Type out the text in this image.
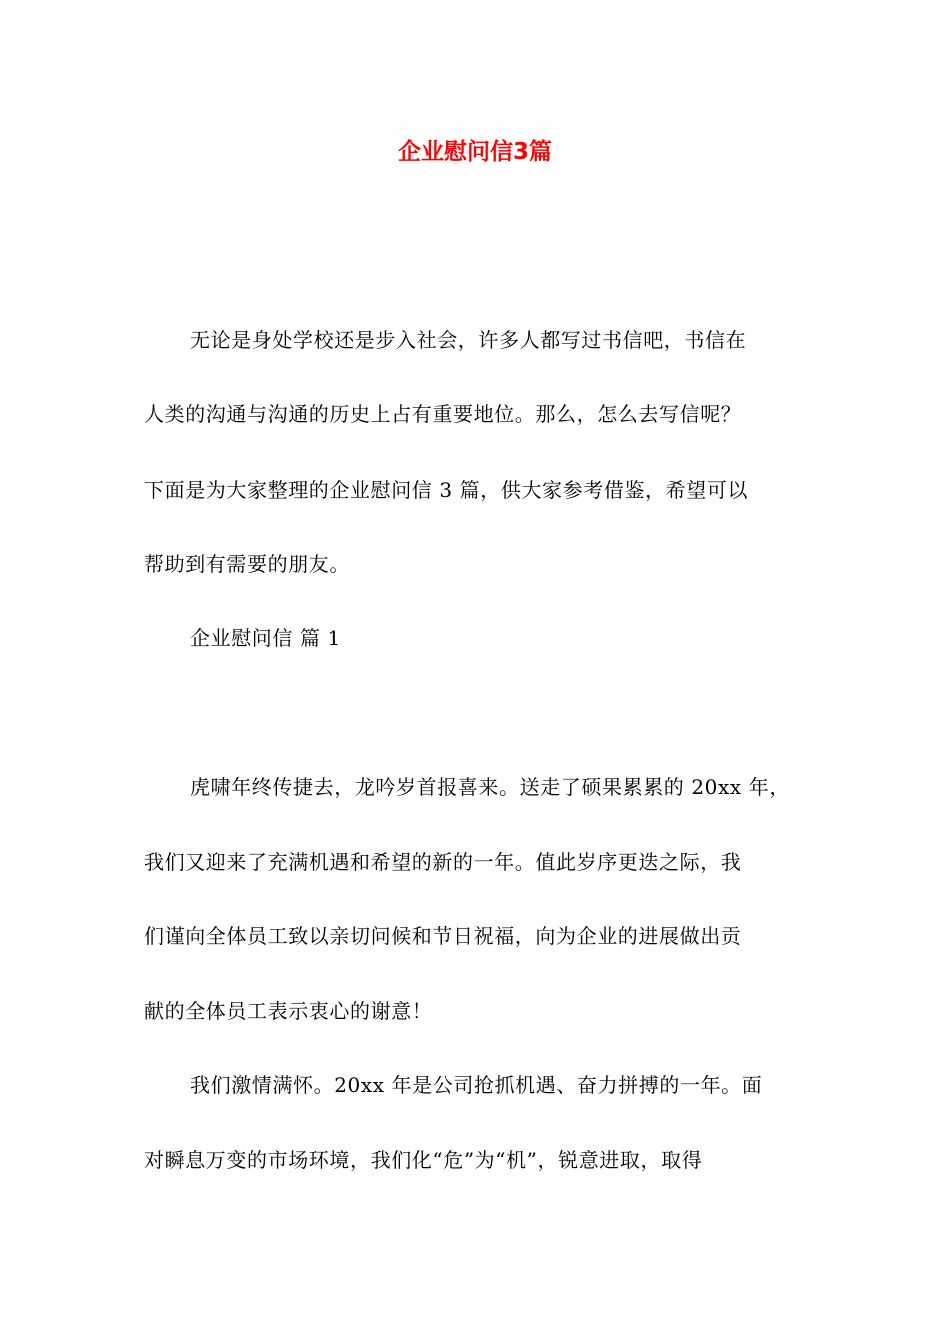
企业慰问信3篇
无论是身处学校还是步入社会，许多人都写过书信吧，书信在
人类的沟通与沟通的历史上占有重要地位。那么，怎么去写信呢？
下面是为大家整理的企业慰问信 3 篇，供大家参考借鉴，希望可以
帮助到有需要的朋友。
企业慰问信 篇 1
虎啸年终传捷去，龙吟岁首报喜来。送走了硕果累累的 20xx 年，
我们又迎来了充满机遇和希望的新的一年。值此岁序更迭之际，我
们谨向全体员工致以亲切问候和节日祝福，向为企业的进展做出贡
献的全体员工表示衷心的谢意！
我们激情满怀。20xx 年是公司抢抓机遇、奋力拼搏的一年。面
对瞬息万变的市场环境，我们化“危”为“机”，锐意进取，取得
